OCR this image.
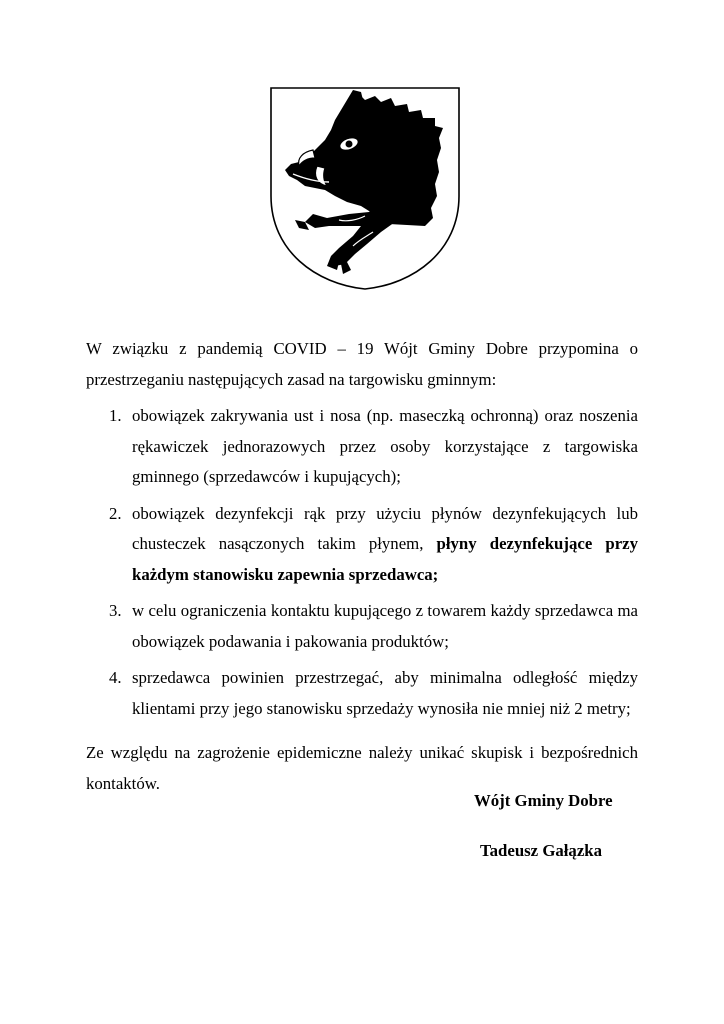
W związku z pandemią COVID – 19 Wójt Gminy Dobre przypomina o
przestrzeganiu następujących zasad na targowisku gminnym:

1. obowiązek zakrywania ust i nosa (np. maseczką ochronną) oraz noszenia rękawiczek jednorazowych przez osoby korzystające z targowiska gminnego (sprzedawców i kupujących);
2. obowiązek dezynfekcji rąk przy użyciu płynów dezynfekujących lub chusteczek nasączonych takim płynem, płyny dezynfekujące przy każdym stanowisku zapewnia sprzedawca;
3. w celu ograniczenia kontaktu kupującego z towarem każdy sprzedawca ma obowiązek podawania i pakowania produktów;
4. sprzedawca powinien przestrzegać, aby minimalna odległość między klientami przy jego stanowisku sprzedaży wynosiła nie mniej niż 2 metry;

Ze względu na zagrożenie epidemiczne należy unikać skupisk i bezpośrednich kontaktów.

Wójt Gminy Dobre
Tadeusz Gałązka
